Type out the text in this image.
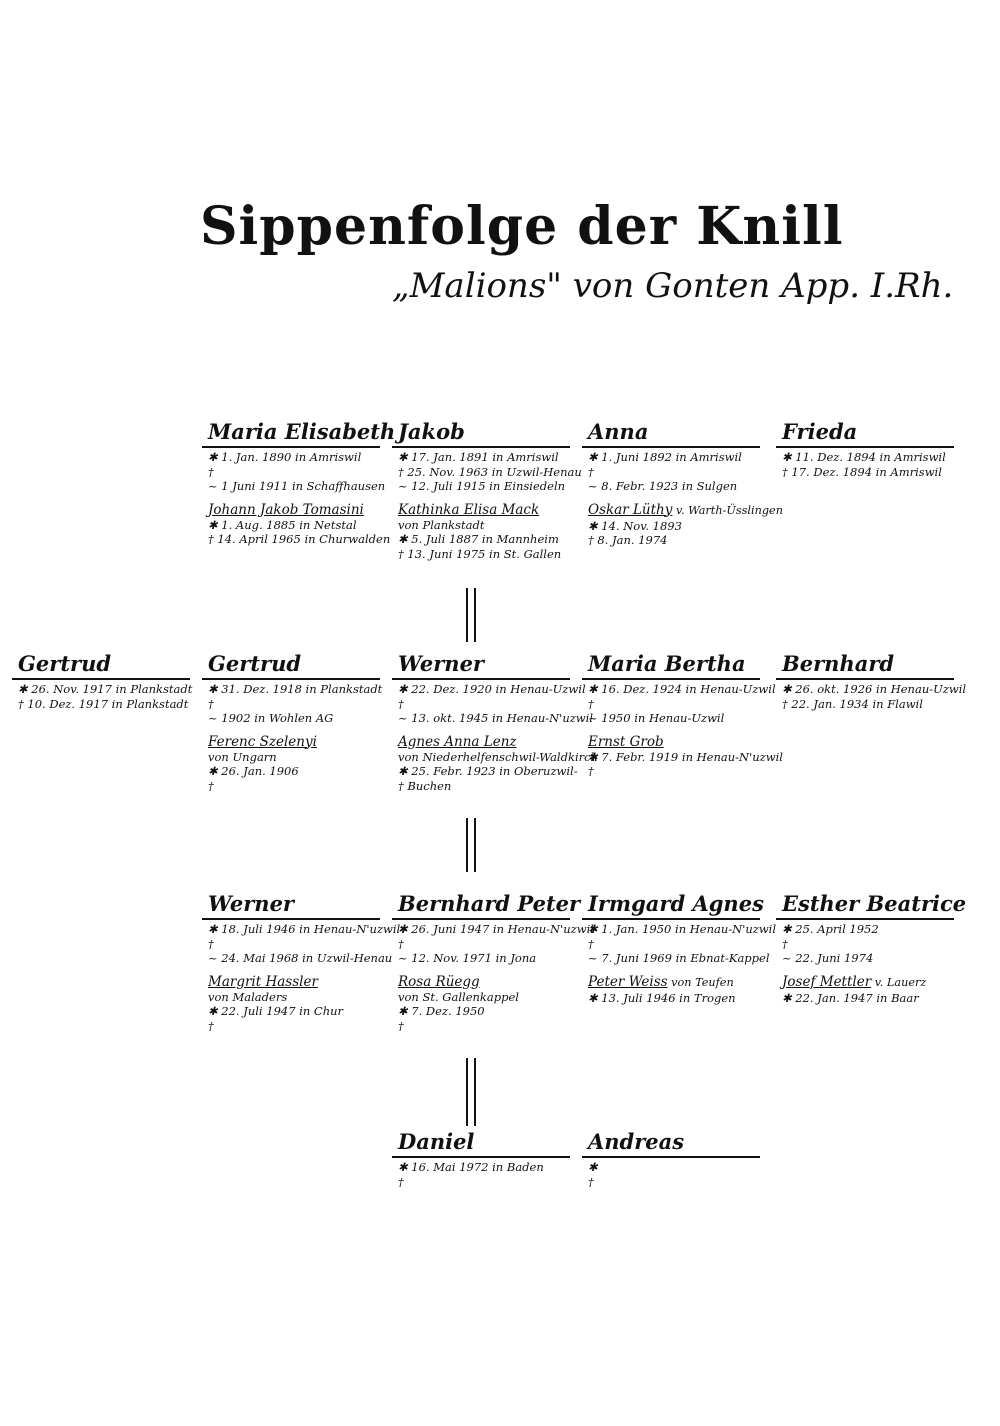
Sippenfolge der Knill
„Malions" von Gonten App. I.Rh.
Maria Elisabeth
✱ 1. Jan. 1890 in Amriswil
†
~ 1 Juni 1911 in Schaffhausen
Johann Jakob Tomasini
✱ 1. Aug. 1885 in Netstal
† 14. April 1965 in Churwalden
Jakob
✱ 17. Jan. 1891 in Amriswil
† 25. Nov. 1963 in Uzwil-Henau
~ 12. Juli 1915 in Einsiedeln
Kathinka Elisa Mack
von Plankstadt
✱ 5. Juli 1887 in Mannheim
† 13. Juni 1975 in St. Gallen
Anna
✱ 1. Juni 1892 in Amriswil
†
~ 8. Febr. 1923 in Sulgen
Oskar Lüthy v. Warth-Üsslingen
✱ 14. Nov. 1893
† 8. Jan. 1974
Frieda
✱ 11. Dez. 1894 in Amriswil
† 17. Dez. 1894 in Amriswil
Gertrud
✱ 26. Nov. 1917 in Plankstadt
† 10. Dez. 1917 in Plankstadt
Gertrud
✱ 31. Dez. 1918 in Plankstadt
†
~ 1902 in Wohlen AG
Ferenc Szelenyi
von Ungarn
✱ 26. Jan. 1906
†
Werner
✱ 22. Dez. 1920 in Henau-Uzwil
†
~ 13. okt. 1945 in Henau-N'uzwil
Agnes Anna Lenz
von Niederhelfenschwil-Waldkirch
✱ 25. Febr. 1923 in Oberuzwil-
† Buchen
Maria Bertha
✱ 16. Dez. 1924 in Henau-Uzwil
†
~ 1950 in Henau-Uzwil
Ernst Grob
✱ 7. Febr. 1919 in Henau-N'uzwil
†
Bernhard
✱ 26. okt. 1926 in Henau-Uzwil
† 22. Jan. 1934 in Flawil
Werner
✱ 18. Juli 1946 in Henau-N'uzwil
†
~ 24. Mai 1968 in Uzwil-Henau
Margrit Hassler
von Maladers
✱ 22. Juli 1947 in Chur
†
Bernhard Peter
✱ 26. Juni 1947 in Henau-N'uzwil
†
~ 12. Nov. 1971 in Jona
Rosa Rüegg
von St. Gallenkappel
✱ 7. Dez. 1950
†
Irmgard Agnes
✱ 1. Jan. 1950 in Henau-N'uzwil
†
~ 7. Juni 1969 in Ebnat-Kappel
Peter Weiss von Teufen
✱ 13. Juli 1946 in Trogen
Esther Beatrice
✱ 25. April 1952
†
~ 22. Juni 1974
Josef Mettler v. Lauerz
✱ 22. Jan. 1947 in Baar
Daniel
✱ 16. Mai 1972 in Baden
†
Andreas
✱
†
